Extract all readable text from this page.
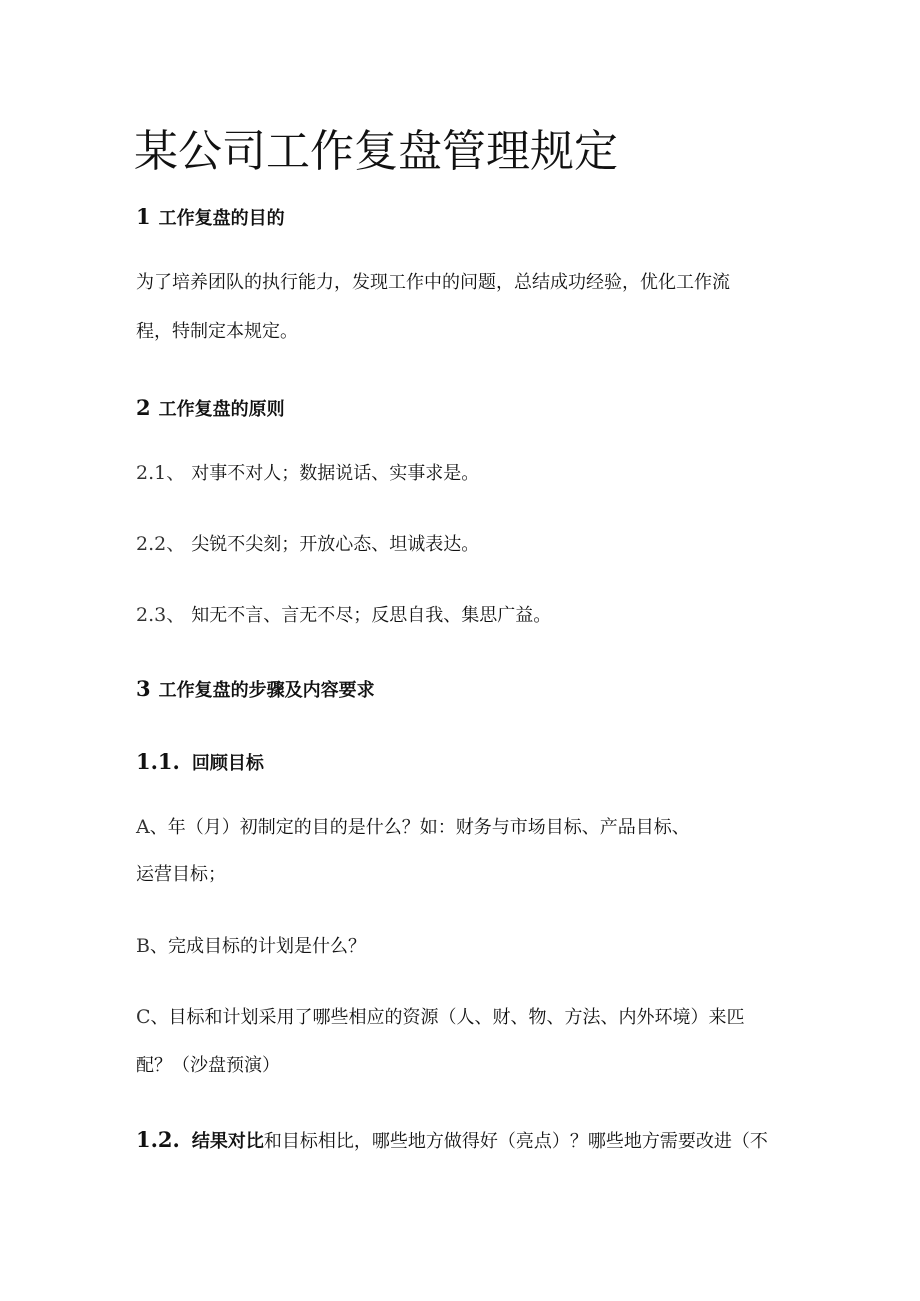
某公司工作复盘管理规定
1 工作复盘的目的

为了培养团队的执行能力，发现工作中的问题，总结成功经验，优化工作流

程，特制定本规定。

2 工作复盘的原则
2.1、 对事不对人；数据说话、实事求是。
2.2、 尖锐不尖刻；开放心态、坦诚表达。
2.3、 知无不言、言无不尽；反思自我、集思广益。
3 工作复盘的步骤及内容要求
1.1. 回顾目标
A、年（月）初制定的目的是什么？如：财务与市场目标、产品目标、

运营目标；

B、完成目标的计划是什么？
C、目标和计划采用了哪些相应的资源（人、财、物、方法、内外环境）来匹

配？（沙盘预演）

1.2. 结果对比和目标相比，哪些地方做得好（亮点）？哪些地方需要改进（不
